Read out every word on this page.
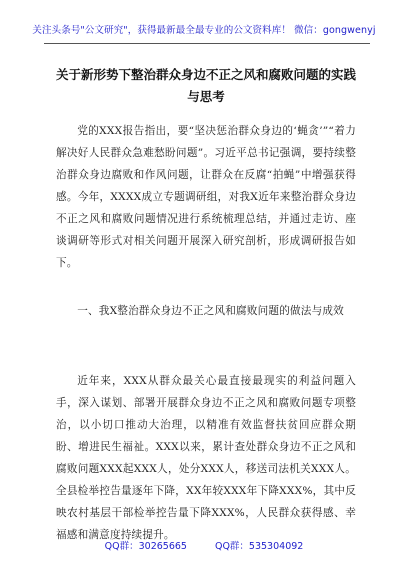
关注头条号"公文研究"，获得最新最全最专业的公文资料库！ 微信：gongwenyj
关于新形势下整治群众身边不正之风和腐败问题的实践与思考
党的XXX报告指出，要“坚决惩治群众身边的‘蝇贪’”“着力解决好人民群众急难愁盼问题”。习近平总书记强调，要持续整治群众身边腐败和作风问题，让群众在反腐“拍蝇”中增强获得感。今年，XXXX成立专题调研组，对我X近年来整治群众身边不正之风和腐败问题情况进行系统梳理总结，并通过走访、座谈调研等形式对相关问题开展深入研究剖析，形成调研报告如下。
一、我X整治群众身边不正之风和腐败问题的做法与成效
近年来，XXX从群众最关心最直接最现实的利益问题入手，深入谋划、部署开展群众身边不正之风和腐败问题专项整治，以小切口推动大治理，以精准有效监督扶贫回应群众期盼、增进民生福祉。XXX以来，累计查处群众身边不正之风和腐败问题XXX起XXX人，处分XXX人，移送司法机关XXX人。全县检举控告量逐年下降，XX年较XXX年下降XXX%，其中反映农村基层干部检举控告量下降XXX%，人民群众获得感、幸福感和满意度持续提升。
QQ群：30265665	QQ群：535304092
